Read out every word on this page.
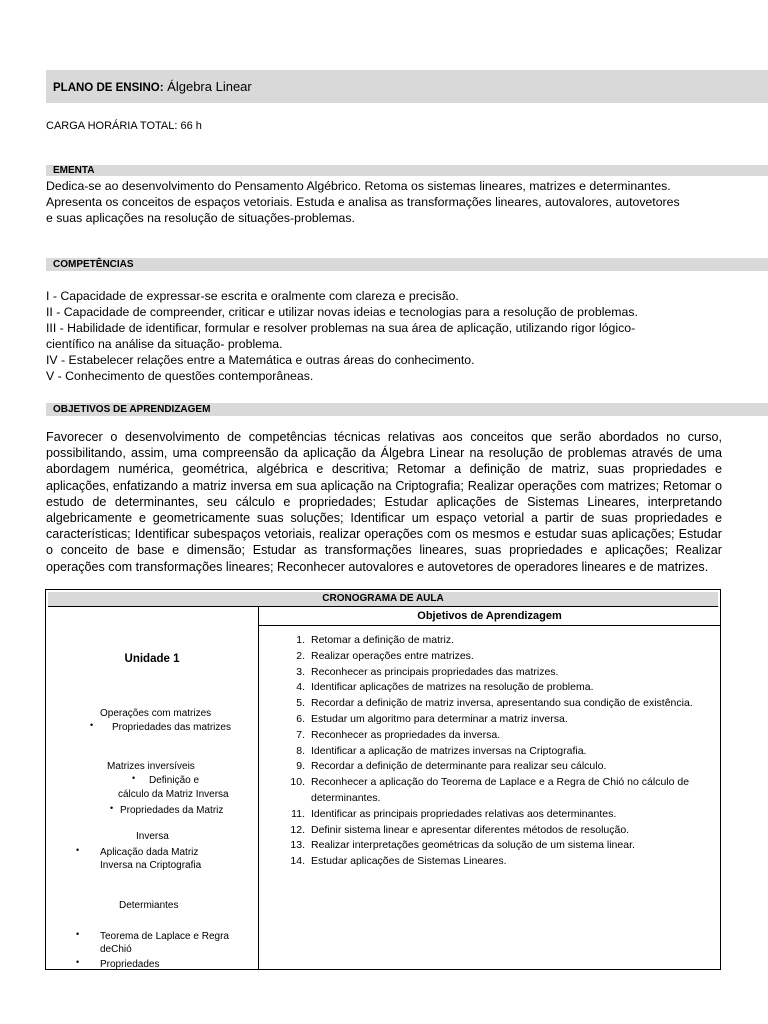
PLANO DE ENSINO: Álgebra Linear
CARGA HORÁRIA TOTAL: 66 h
EMENTA
Dedica-se ao desenvolvimento do Pensamento Algébrico. Retoma os sistemas lineares, matrizes e determinantes.
Apresenta os conceitos de espaços vetoriais. Estuda e analisa as transformações lineares, autovalores, autovetores
e suas aplicações na resolução de situações-problemas.
COMPETÊNCIAS
I - Capacidade de expressar-se escrita e oralmente com clareza e precisão.
II - Capacidade de compreender, criticar e utilizar novas ideias e tecnologias para a resolução de problemas.
III - Habilidade de identificar, formular e resolver problemas na sua área de aplicação, utilizando rigor lógico-
científico na análise da situação- problema.
IV - Estabelecer relações entre a Matemática e outras áreas do conhecimento.
V - Conhecimento de questões contemporâneas.
OBJETIVOS DE APRENDIZAGEM

Favorecer o desenvolvimento de competências técnicas relativas aos conceitos que serão abordados no curso, possibilitando, assim, uma compreensão da aplicação da Álgebra Linear na resolução de problemas através de uma abordagem numérica, geométrica, algébrica e descritiva; Retomar a definição de matriz, suas propriedades e aplicações, enfatizando a matriz inversa em sua aplicação na Criptografia; Realizar operações com matrizes; Retomar o estudo de determinantes, seu cálculo e propriedades; Estudar aplicações de Sistemas Lineares, interpretando algebricamente e geometricamente suas soluções; Identificar um espaço vetorial a partir de suas propriedades e características; Identificar subespaços vetoriais, realizar operações com os mesmos e estudar suas aplicações; Estudar o conceito de base e dimensão; Estudar as transformações lineares, suas propriedades e aplicações; Realizar operações com transformações lineares; Reconhecer autovalores e autovetores de operadores lineares e de matrizes.

CRONOGRAMA DE AULA
Unidade 1
Operações com matrizes
• Propriedades das matrizes
Matrizes inversíveis
• Definição e
cálculo da Matriz Inversa
• Propriedades da Matriz
Inversa
• Aplicação dada Matriz
Inversa na Criptografia
Determiantes
• Teorema de Laplace e Regra
deChió
• Propriedades
Objetivos de Aprendizagem
1. Retomar a definição de matriz.
2. Realizar operações entre matrizes.
3. Reconhecer as principais propriedades das matrizes.
4. Identificar aplicações de matrizes na resolução de problema.
5. Recordar a definição de matriz inversa, apresentando sua condição de existência.
6. Estudar um algoritmo para determinar a matriz inversa.
7. Reconhecer as propriedades da inversa.
8. Identificar a aplicação de matrizes inversas na Criptografia.
9. Recordar a definição de determinante para realizar seu cálculo.
10. Reconhecer a aplicação do Teorema de Laplace e a Regra de Chió no cálculo de determinantes.
11. Identificar as principais propriedades relativas aos determinantes.
12. Definir sistema linear e apresentar diferentes métodos de resolução.
13. Realizar interpretações geométricas da solução de um sistema linear.
14. Estudar aplicações de Sistemas Lineares.
